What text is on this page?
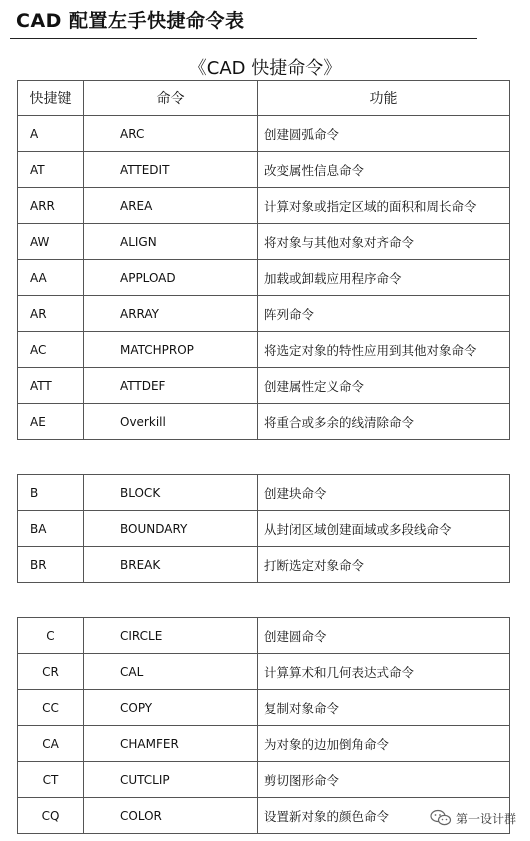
CAD 配置左手快捷命令表
《CAD 快捷命令》
快捷键	命令	功能
A	ARC	创建圆弧命令
AT	ATTEDIT	改变属性信息命令
ARR	AREA	计算对象或指定区域的面积和周长命令
AW	ALIGN	将对象与其他对象对齐命令
AA	APPLOAD	加载或卸载应用程序命令
AR	ARRAY	阵列命令
AC	MATCHPROP	将选定对象的特性应用到其他对象命令
ATT	ATTDEF	创建属性定义命令
AE	Overkill	将重合或多余的线清除命令
B	BLOCK	创建块命令
BA	BOUNDARY	从封闭区域创建面域或多段线命令
BR	BREAK	打断选定对象命令
C	CIRCLE	创建圆命令
CR	CAL	计算算术和几何表达式命令
CC	COPY	复制对象命令
CA	CHAMFER	为对象的边加倒角命令
CT	CUTCLIP	剪切图形命令
CQ	COLOR	设置新对象的颜色命令	第一设计群
